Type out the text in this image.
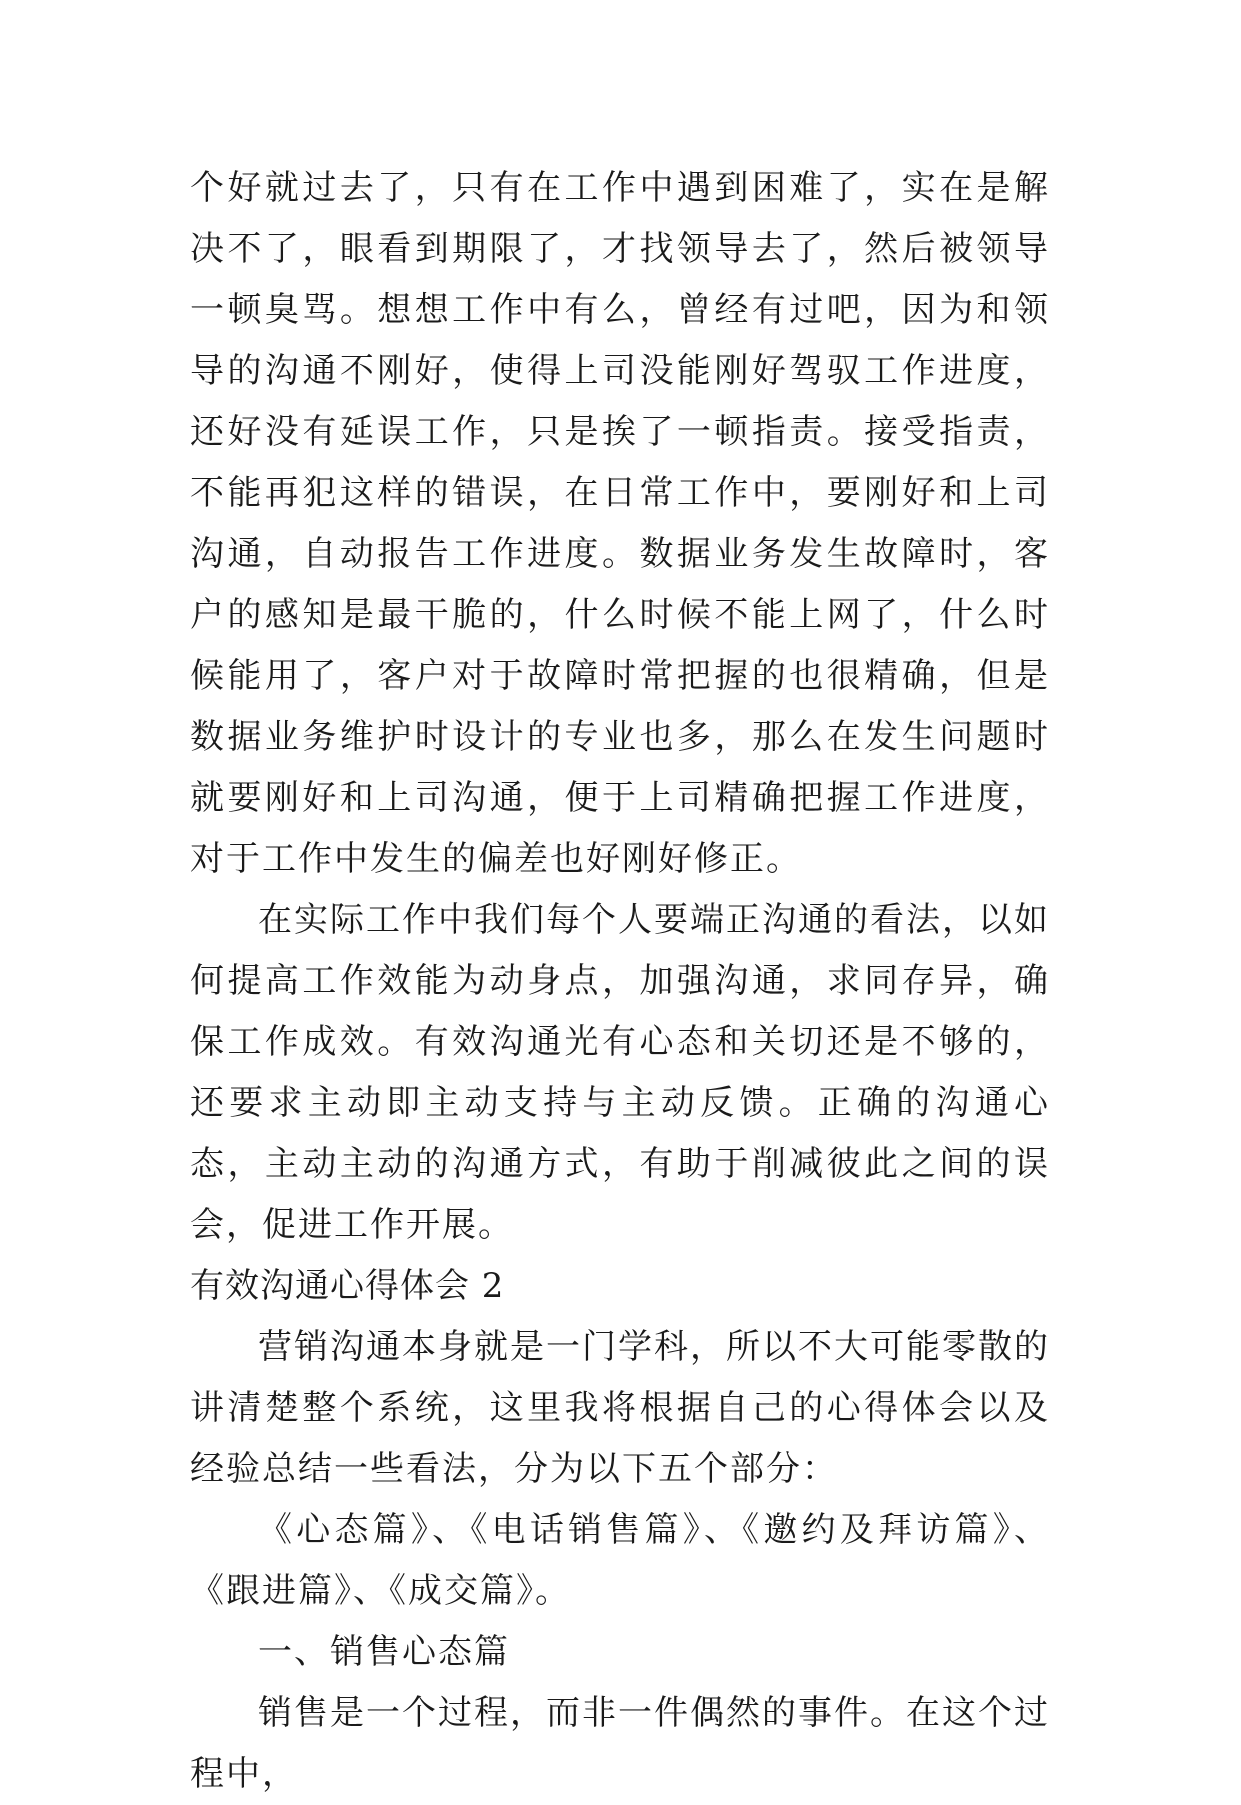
个好就过去了，只有在工作中遇到困难了，实在是解决不了，眼看到期限了，才找领导去了，然后被领导一顿臭骂。想想工作中有么，曾经有过吧，因为和领导的沟通不刚好，使得上司没能刚好驾驭工作进度，还好没有延误工作，只是挨了一顿指责。接受指责，不能再犯这样的错误，在日常工作中，要刚好和上司沟通，自动报告工作进度。数据业务发生故障时，客户的感知是最干脆的，什么时候不能上网了，什么时候能用了，客户对于故障时常把握的也很精确，但是数据业务维护时设计的专业也多，那么在发生问题时就要刚好和上司沟通，便于上司精确把握工作进度，对于工作中发生的偏差也好刚好修正。

在实际工作中我们每个人要端正沟通的看法，以如何提高工作效能为动身点，加强沟通，求同存异，确保工作成效。有效沟通光有心态和关切还是不够的，还要求主动即主动支持与主动反馈。正确的沟通心态，主动主动的沟通方式，有助于削减彼此之间的误会，促进工作开展。

有效沟通心得体会 2

营销沟通本身就是一门学科，所以不大可能零散的讲清楚整个系统，这里我将根据自己的心得体会以及经验总结一些看法，分为以下五个部分：

《心态篇》、《电话销售篇》、《邀约及拜访篇》、《跟进篇》、《成交篇》。

一、销售心态篇

销售是一个过程，而非一件偶然的事件。在这个过程中，
